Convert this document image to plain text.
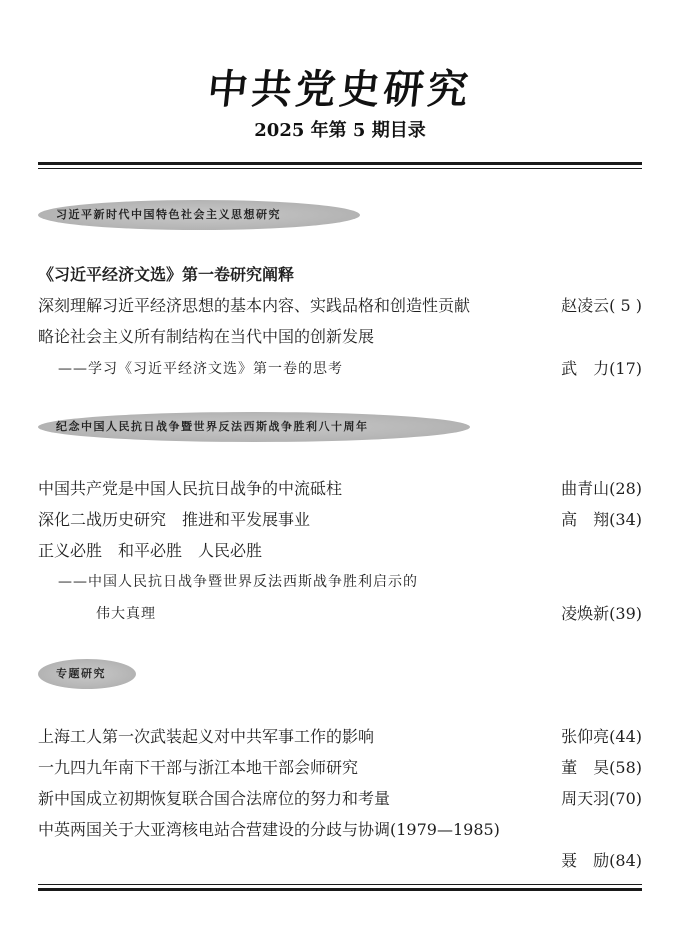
中共党史研究
2025 年第 5 期目录
习近平新时代中国特色社会主义思想研究
《习近平经济文选》第一卷研究阐释
深刻理解习近平经济思想的基本内容、实践品格和创造性贡献	赵凌云( 5 )
略论社会主义所有制结构在当代中国的创新发展
——学习《习近平经济文选》第一卷的思考	武　力(17)
纪念中国人民抗日战争暨世界反法西斯战争胜利八十周年
中国共产党是中国人民抗日战争的中流砥柱	曲青山(28)
深化二战历史研究　推进和平发展事业	高　翔(34)
正义必胜　和平必胜　人民必胜
——中国人民抗日战争暨世界反法西斯战争胜利启示的
伟大真理	凌焕新(39)
专题研究
上海工人第一次武装起义对中共军事工作的影响	张仰亮(44)
一九四九年南下干部与浙江本地干部会师研究	董　昊(58)
新中国成立初期恢复联合国合法席位的努力和考量	周天羽(70)
中英两国关于大亚湾核电站合营建设的分歧与协调(1979—1985)
聂　励(84)
